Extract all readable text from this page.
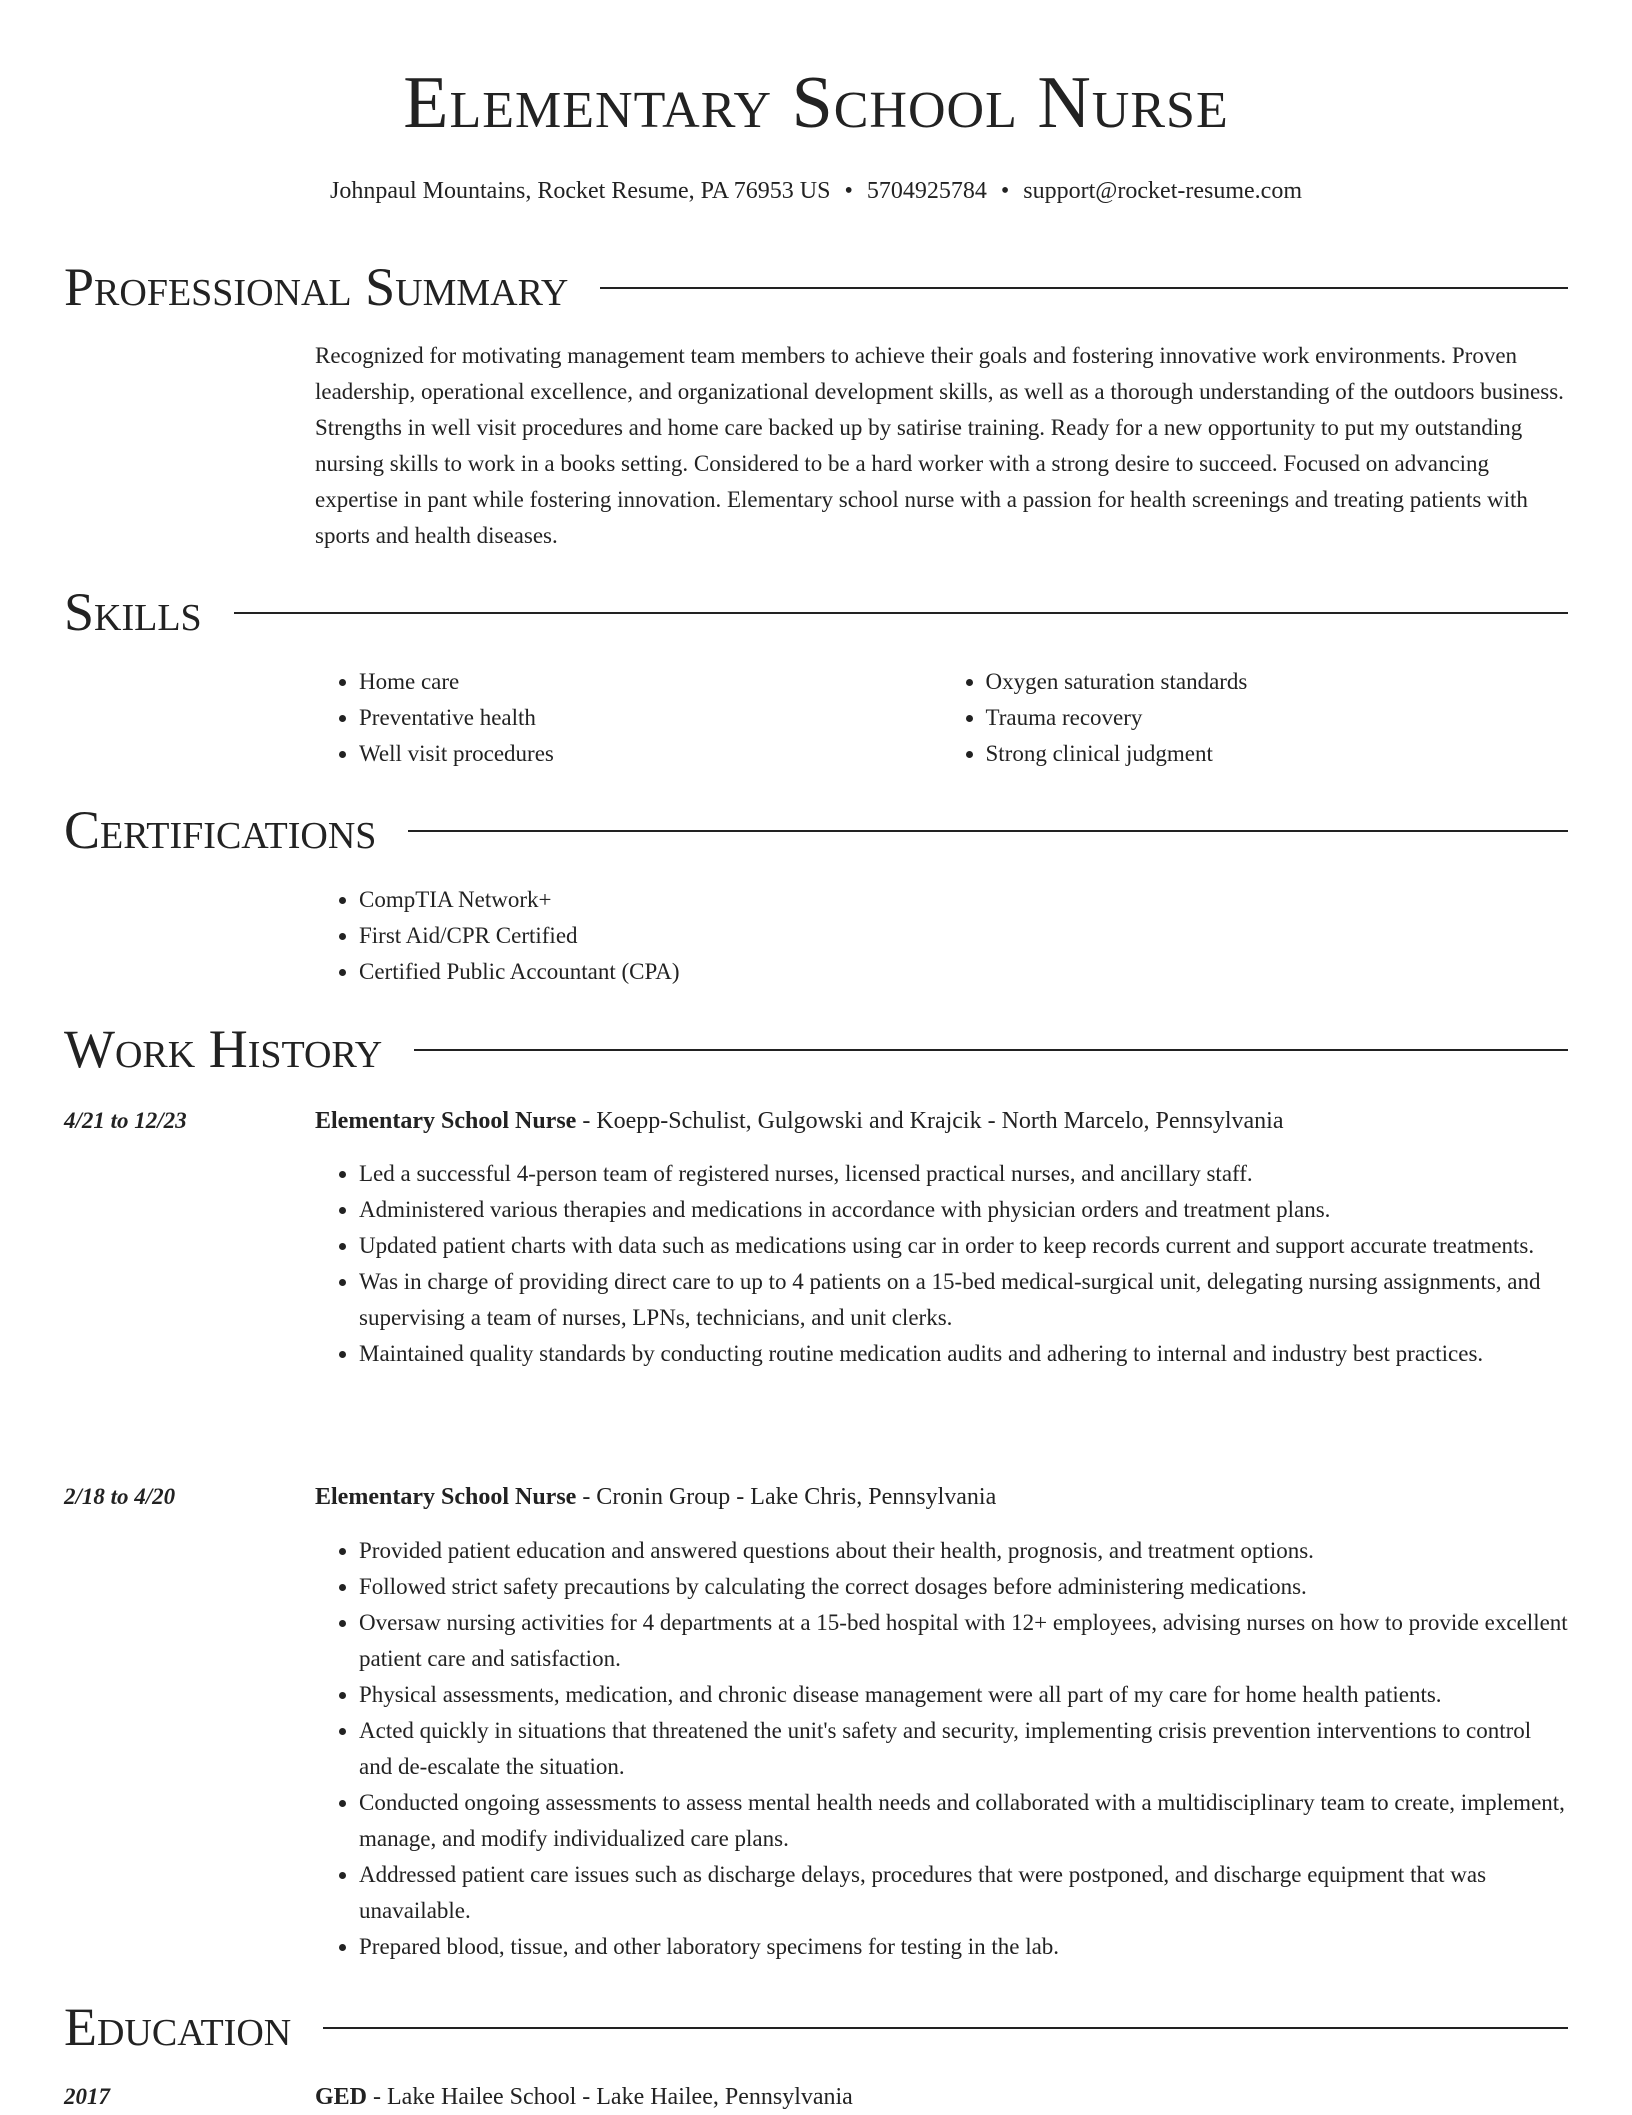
Elementary School Nurse
Johnpaul Mountains, Rocket Resume, PA 76953 US • 5704925784 • support@rocket-resume.com
Professional Summary

Recognized for motivating management team members to achieve their goals and fostering innovative work environments. Proven leadership, operational excellence, and organizational development skills, as well as a thorough understanding of the outdoors business. Strengths in well visit procedures and home care backed up by satirise training. Ready for a new opportunity to put my outstanding nursing skills to work in a books setting. Considered to be a hard worker with a strong desire to succeed. Focused on advancing expertise in pant while fostering innovation. Elementary school nurse with a passion for health screenings and treating patients with sports and health diseases.

Skills
• Home care
• Preventative health
• Well visit procedures
• Oxygen saturation standards
• Trauma recovery
• Strong clinical judgment
Certifications
• CompTIA Network+
• First Aid/CPR Certified
• Certified Public Accountant (CPA)
Work History
4/21 to 12/23	Elementary School Nurse - Koepp-Schulist, Gulgowski and Krajcik - North Marcelo, Pennsylvania
• Led a successful 4-person team of registered nurses, licensed practical nurses, and ancillary staff.
• Administered various therapies and medications in accordance with physician orders and treatment plans.
• Updated patient charts with data such as medications using car in order to keep records current and support accurate treatments.
• Was in charge of providing direct care to up to 4 patients on a 15-bed medical-surgical unit, delegating nursing assignments, and supervising a team of nurses, LPNs, technicians, and unit clerks.
• Maintained quality standards by conducting routine medication audits and adhering to internal and industry best practices.
2/18 to 4/20	Elementary School Nurse - Cronin Group - Lake Chris, Pennsylvania
• Provided patient education and answered questions about their health, prognosis, and treatment options.
• Followed strict safety precautions by calculating the correct dosages before administering medications.
• Oversaw nursing activities for 4 departments at a 15-bed hospital with 12+ employees, advising nurses on how to provide excellent patient care and satisfaction.
• Physical assessments, medication, and chronic disease management were all part of my care for home health patients.
• Acted quickly in situations that threatened the unit's safety and security, implementing crisis prevention interventions to control and de-escalate the situation.
• Conducted ongoing assessments to assess mental health needs and collaborated with a multidisciplinary team to create, implement, manage, and modify individualized care plans.
• Addressed patient care issues such as discharge delays, procedures that were postponed, and discharge equipment that was unavailable.
• Prepared blood, tissue, and other laboratory specimens for testing in the lab.
Education
2017	GED - Lake Hailee School - Lake Hailee, Pennsylvania
